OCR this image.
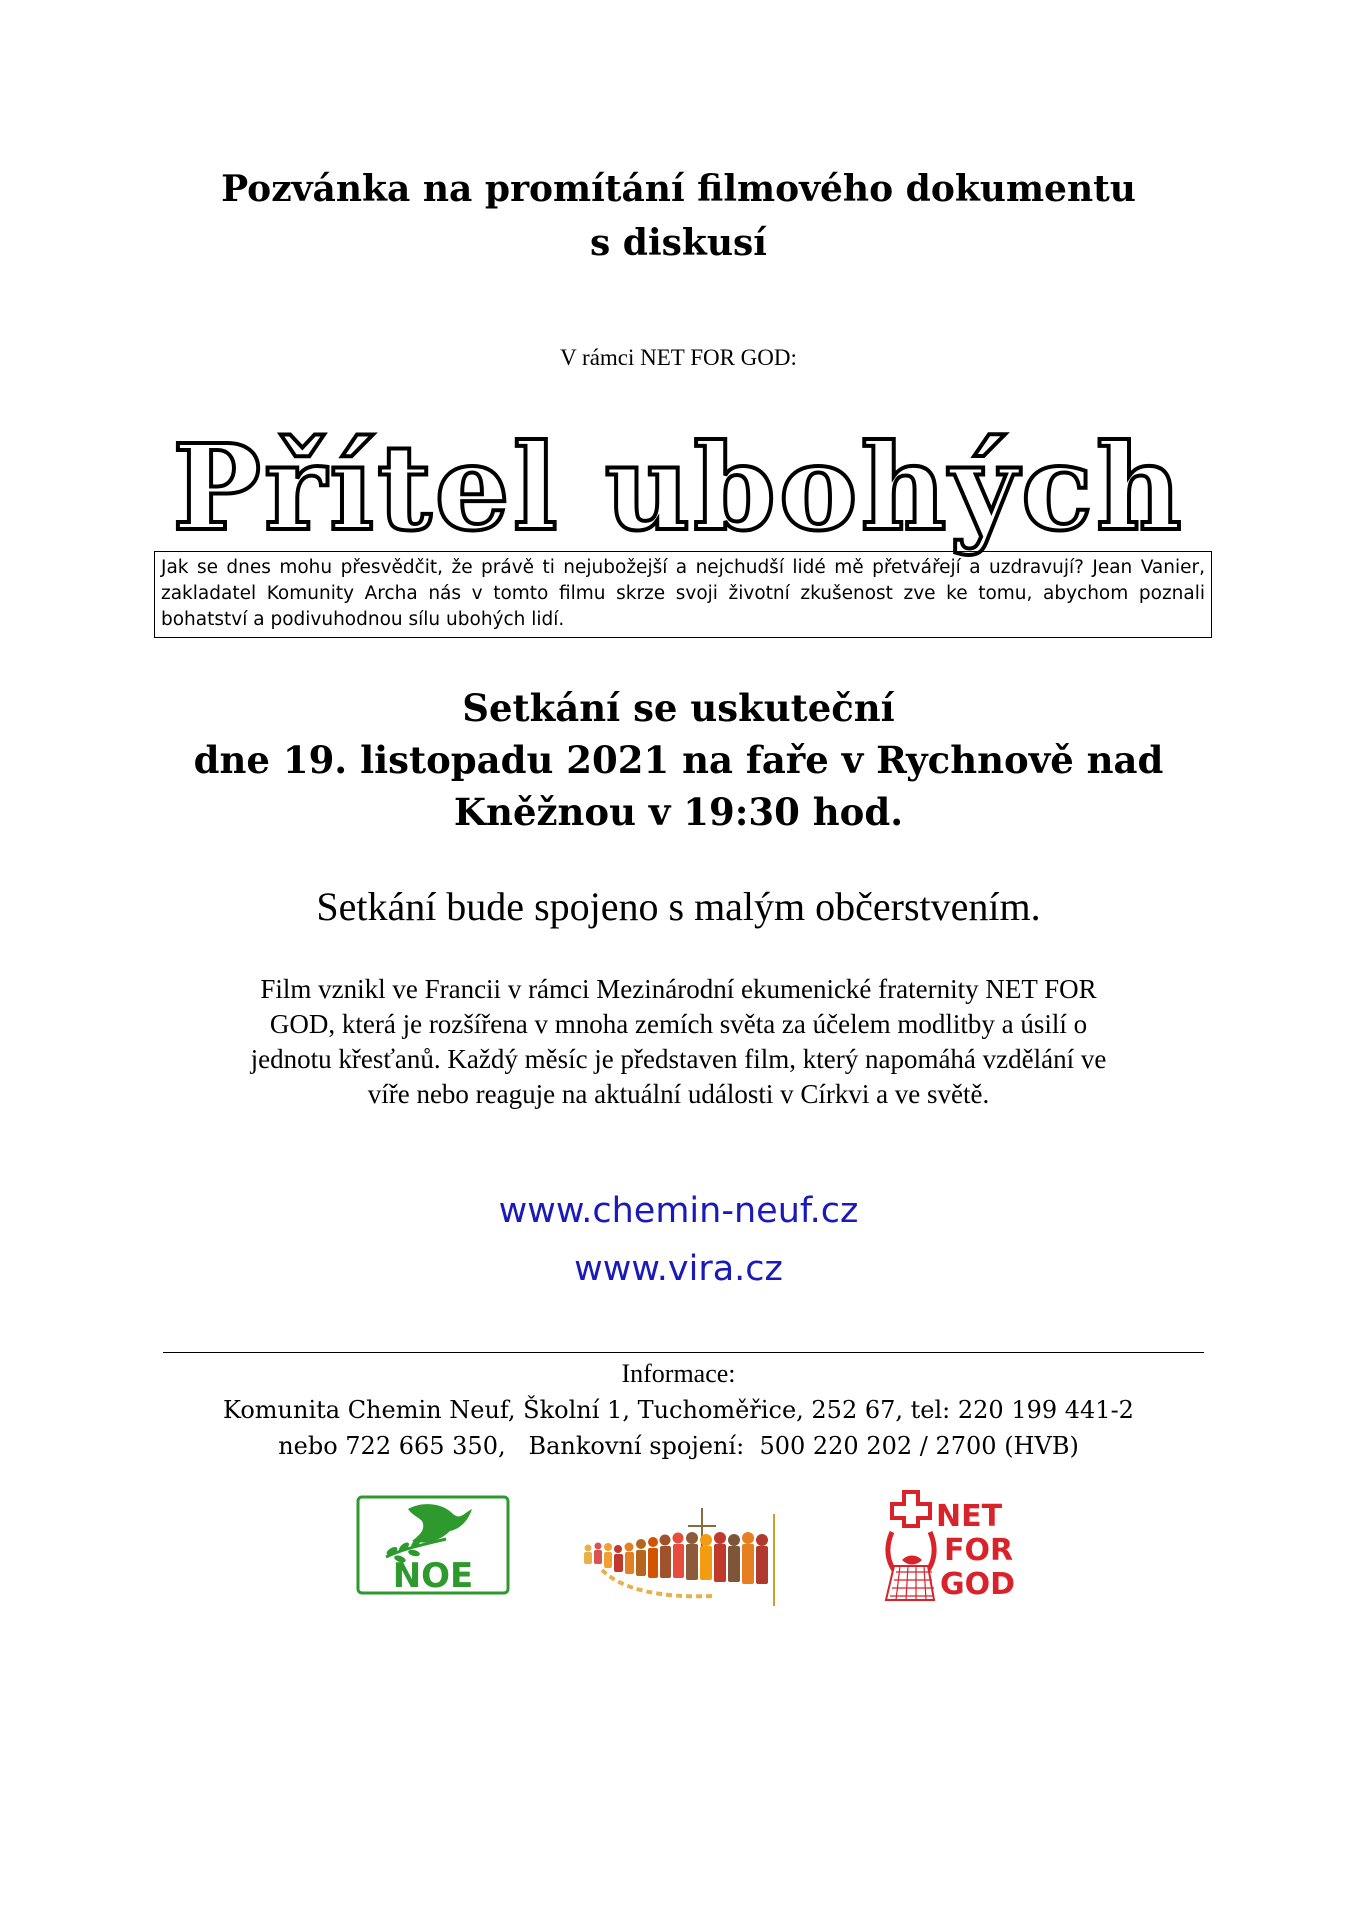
Pozvánka na promítání filmového dokumentu
s diskusí
V rámci NET FOR GOD:
Přítel ubohých
Jak se dnes mohu přesvědčit, že právě ti nejubožejší a nejchudší lidé mě přetvářejí a uzdravují? Jean Vanier, zakladatel Komunity Archa nás v tomto filmu skrze svoji životní zkušenost zve ke tomu, abychom poznali bohatství a podivuhodnou sílu ubohých lidí.
Setkání se uskuteční
dne 19. listopadu 2021 na faře v Rychnově nad
Kněžnou v 19:30 hod.
Setkání bude spojeno s malým občerstvením.
Film vznikl ve Francii v rámci Mezinárodní ekumenické fraternity NET FOR
GOD, která je rozšířena v mnoha zemích světa za účelem modlitby a úsilí o
jednotu křesťanů. Každý měsíc je představen film, který napomáhá vzdělání ve
víře nebo reaguje na aktuální události v Církvi a ve světě.
www.chemin-neuf.cz
www.vira.cz
Informace:
Komunita Chemin Neuf, Školní 1, Tuchoměřice, 252 67, tel: 220 199 441-2
nebo 722 665 350,   Bankovní spojení:  500 220 202 / 2700 (HVB)
NOE
NET
FOR
GOD
